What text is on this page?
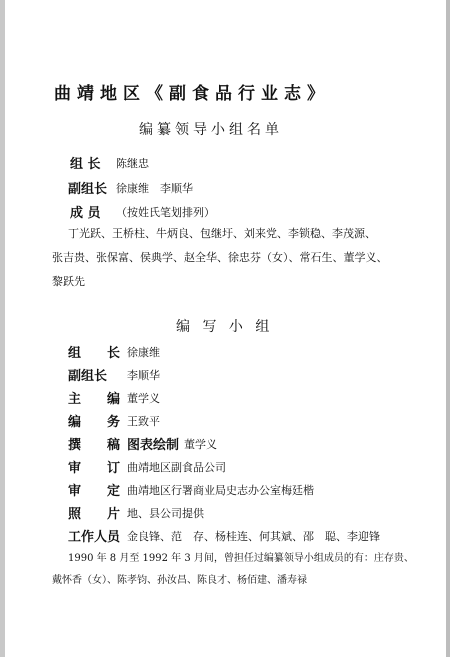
曲靖地区《副食品行业志》
编纂领导小组名单
组 长 陈继忠
副组长 徐康维　李顺华
成 员 （按姓氏笔划排列）
丁光跃、王桥柱、牛炳良、包继圩、刘来党、李锁稳、李茂源、
张吉贵、张保富、侯典学、赵全华、徐忠芬（女）、常石生、董学义、
黎跃先
编 写 小 组
组　　长 徐康维
副组长 李顺华
主　　编 董学义
编　　务 王致平
撰　　稿 图表绘制 董学义
审　　订 曲靖地区副食品公司
审　　定 曲靖地区行署商业局史志办公室梅廷楷
照　　片 地、县公司提供
工作人员 金良锋、范　存、杨桂连、何其斌、邵　聪、李迎锋
1990 年 8 月至 1992 年 3 月间，曾担任过编纂领导小组成员的有：庄存贵、
戴怀香（女）、陈孝钧、孙汝昌、陈良才、杨佰建、潘寿禄
